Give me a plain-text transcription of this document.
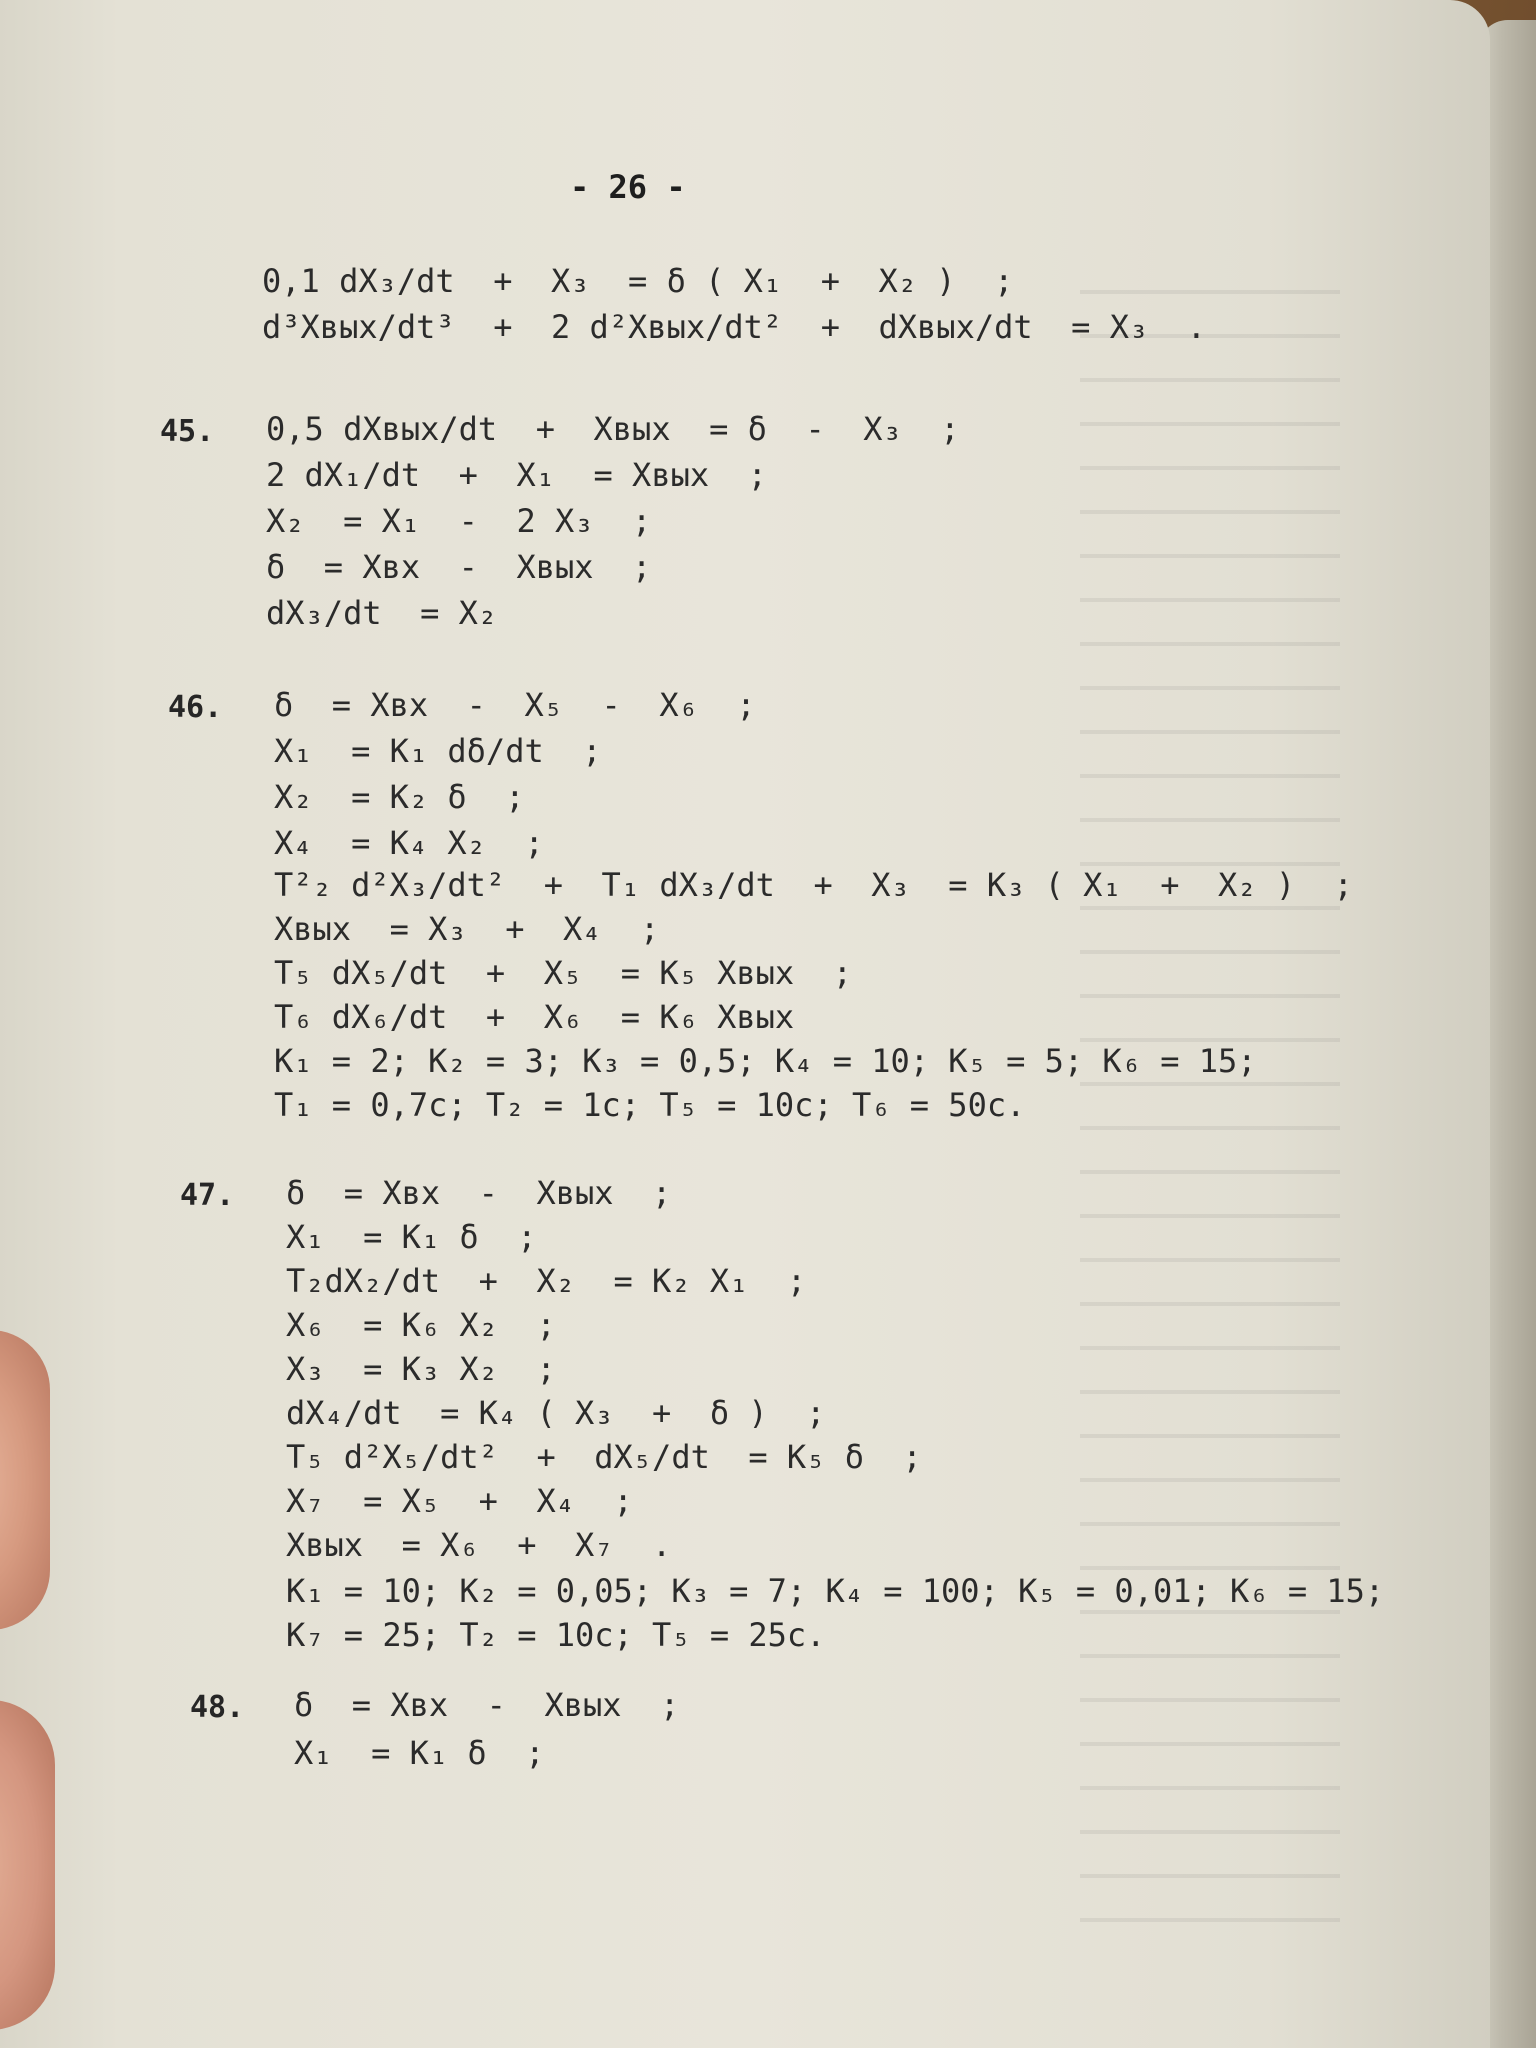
- 26 -
0,1 dX₃/dt  +  X₃  = δ ( X₁  +  X₂ )  ;
d³Xвых/dt³  +  2 d²Xвых/dt²  +  dXвых/dt  = X₃  .
45. 0,5 dXвых/dt  +  Xвых  = δ  -  X₃  ;
2 dX₁/dt  +  X₁  = Xвых  ;
X₂  = X₁  -  2 X₃  ;
δ  = Xвх  -  Xвых  ;
dX₃/dt  = X₂
46. δ  = Xвх  -  X₅  -  X₆  ;
X₁  = K₁ dδ/dt  ;
X₂  = K₂ δ  ;
X₄  = K₄ X₂  ;
T²₂ d²X₃/dt²  +  T₁ dX₃/dt  +  X₃  = K₃ ( X₁  +  X₂ )  ;
Xвых  = X₃  +  X₄  ;
T₅ dX₅/dt  +  X₅  = K₅ Xвых  ;
T₆ dX₆/dt  +  X₆  = K₆ Xвых
K₁ = 2; K₂ = 3; K₃ = 0,5; K₄ = 10; K₅ = 5; K₆ = 15;
T₁ = 0,7c; T₂ = 1c; T₅ = 10c; T₆ = 50c.
47. δ  = Xвх  -  Xвых  ;
X₁  = K₁ δ  ;
T₂dX₂/dt  +  X₂  = K₂ X₁  ;
X₆  = K₆ X₂  ;
X₃  = K₃ X₂  ;
dX₄/dt  = K₄ ( X₃  +  δ )  ;
T₅ d²X₅/dt²  +  dX₅/dt  = K₅ δ  ;
X₇  = X₅  +  X₄  ;
Xвых  = X₆  +  X₇  .
K₁ = 10; K₂ = 0,05; K₃ = 7; K₄ = 100; K₅ = 0,01; K₆ = 15;
K₇ = 25; T₂ = 10c; T₅ = 25c.
48. δ  = Xвх  -  Xвых  ;
X₁  = K₁ δ  ;
